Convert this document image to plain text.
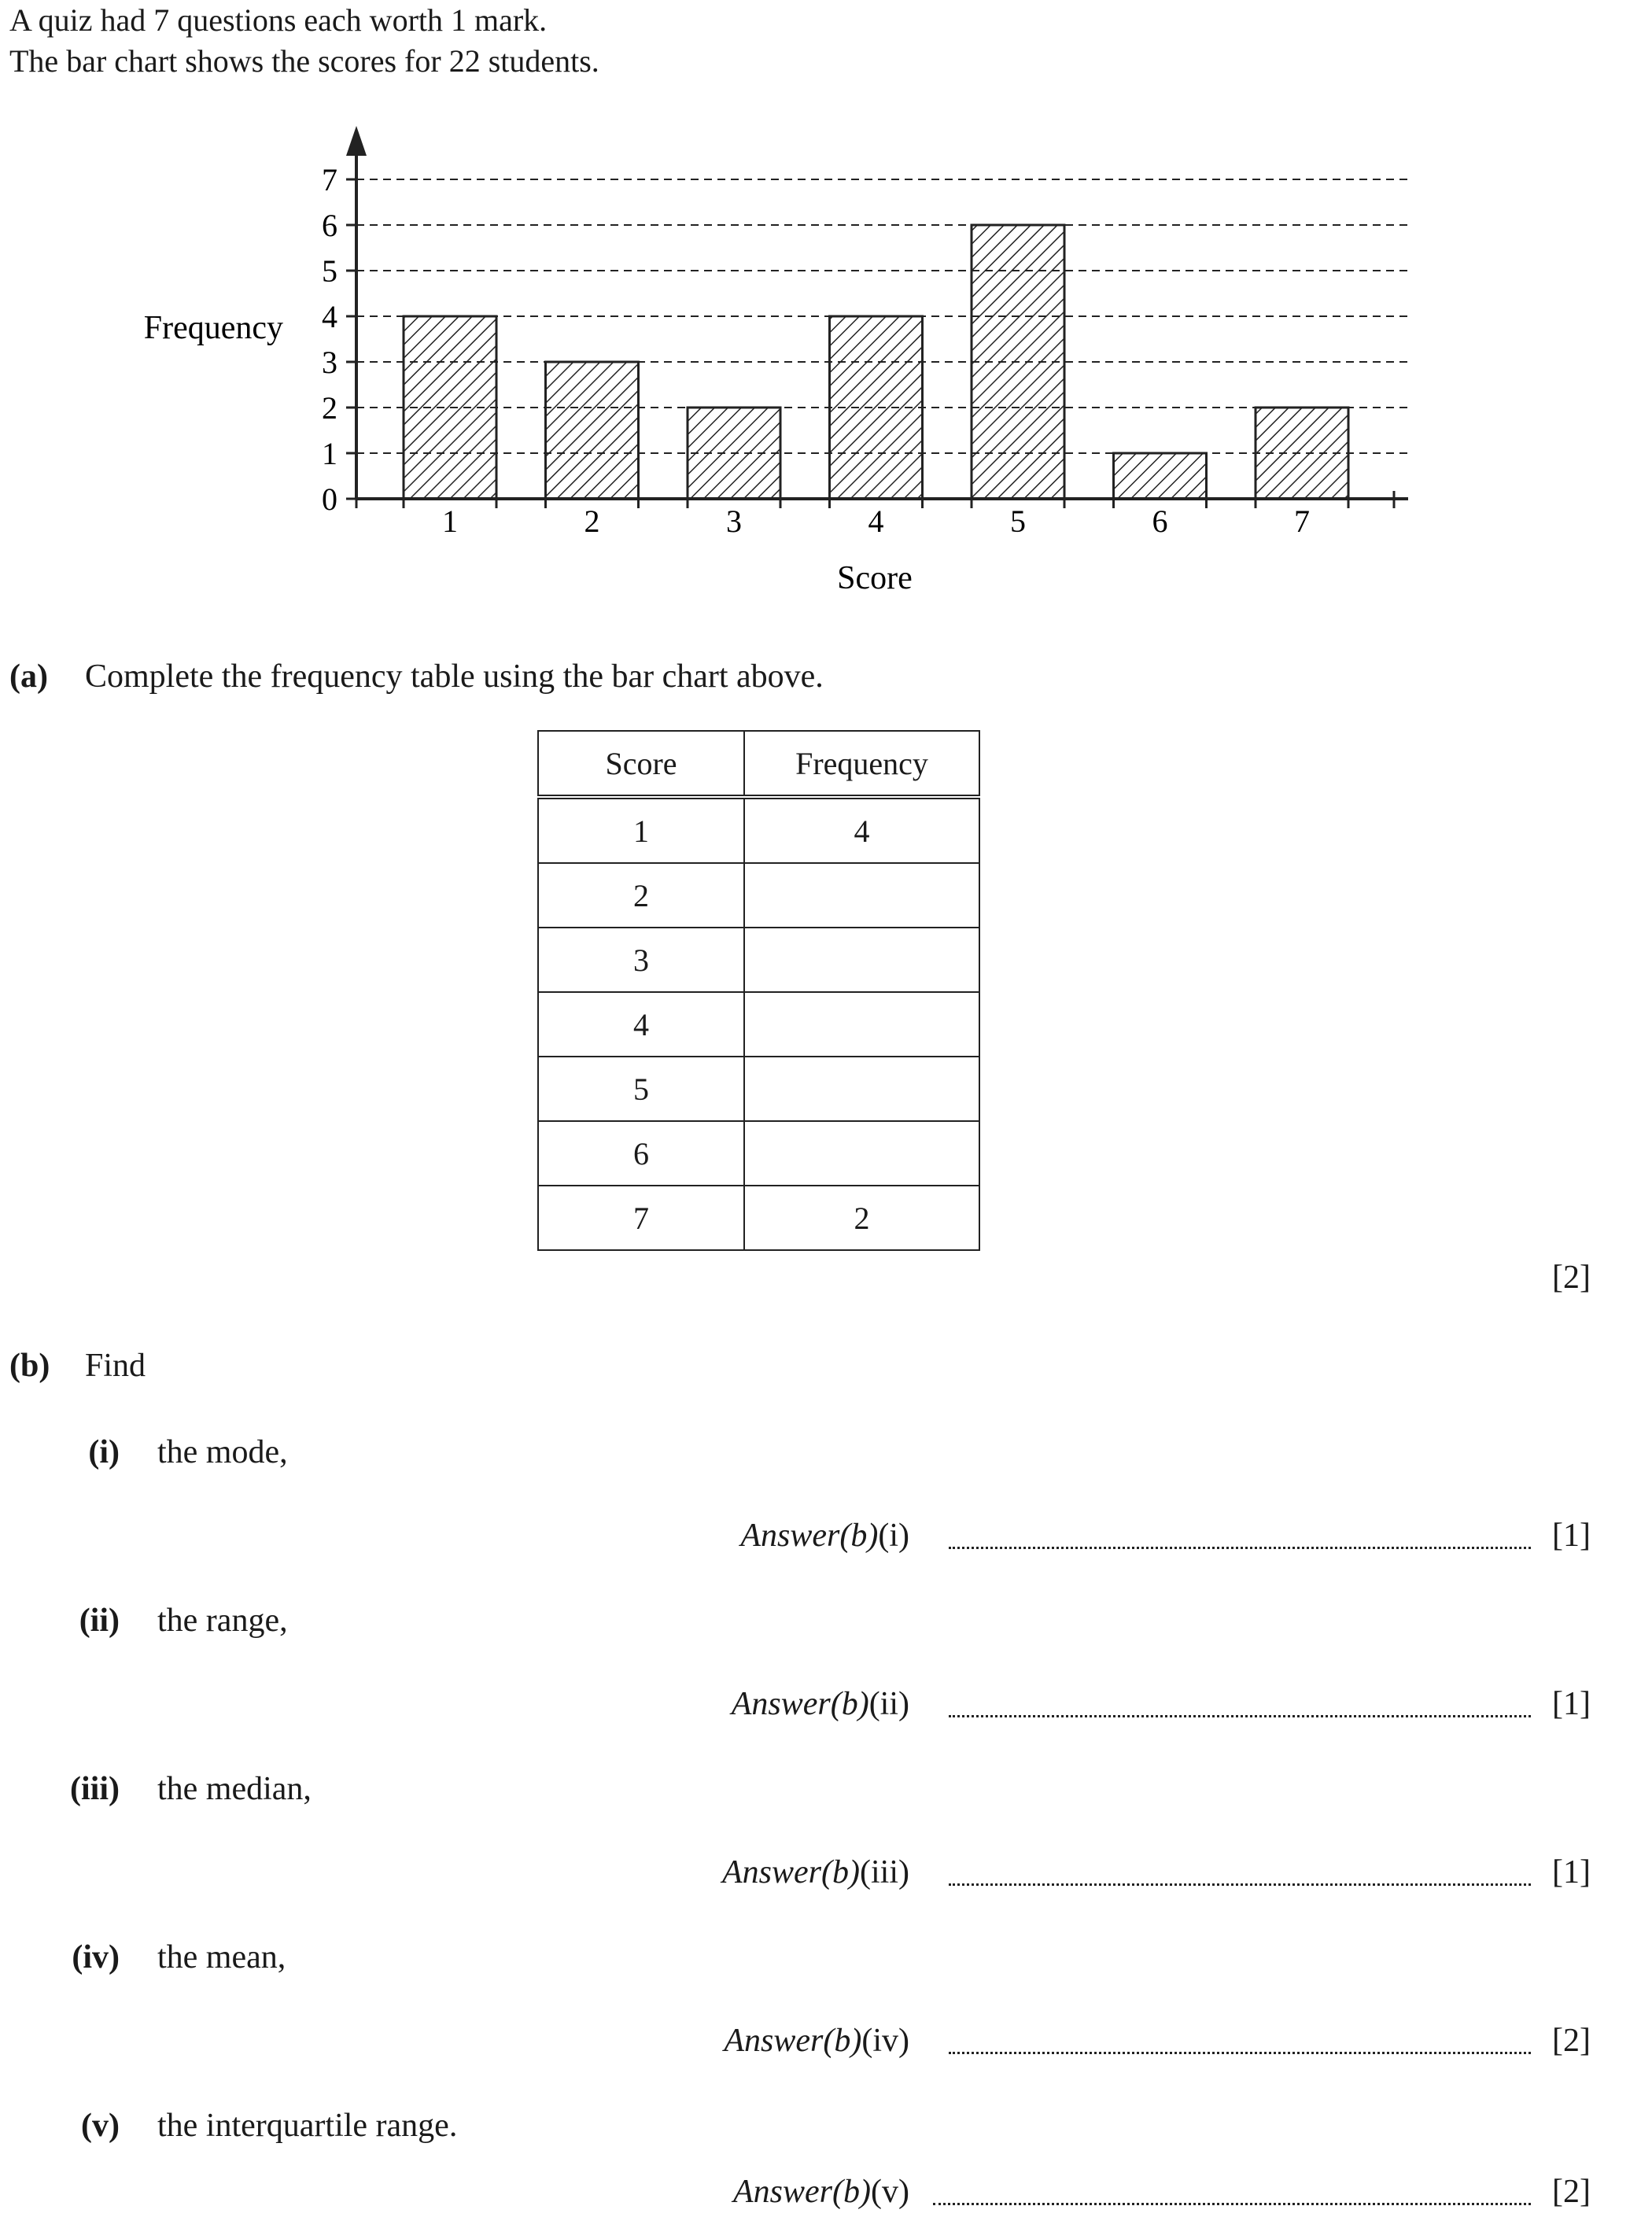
A quiz had 7 questions each worth 1 mark.
The bar chart shows the scores for 22 students.
0
1
2
3
4
5
6
7
1	2	3	4	5	6	7
Frequency
Score
(a) Complete the frequency table using the bar chart above.
Score	Frequency
1	4
2	
3	
4	
5	
6	
7	2
[2]
(b) Find
(i) the mode,
Answer(b)(i)	[1]
(ii) the range,
Answer(b)(ii)	[1]
(iii) the median,
Answer(b)(iii)	[1]
(iv) the mean,
Answer(b)(iv)	[2]
(v) the interquartile range.
Answer(b)(v)	[2]
